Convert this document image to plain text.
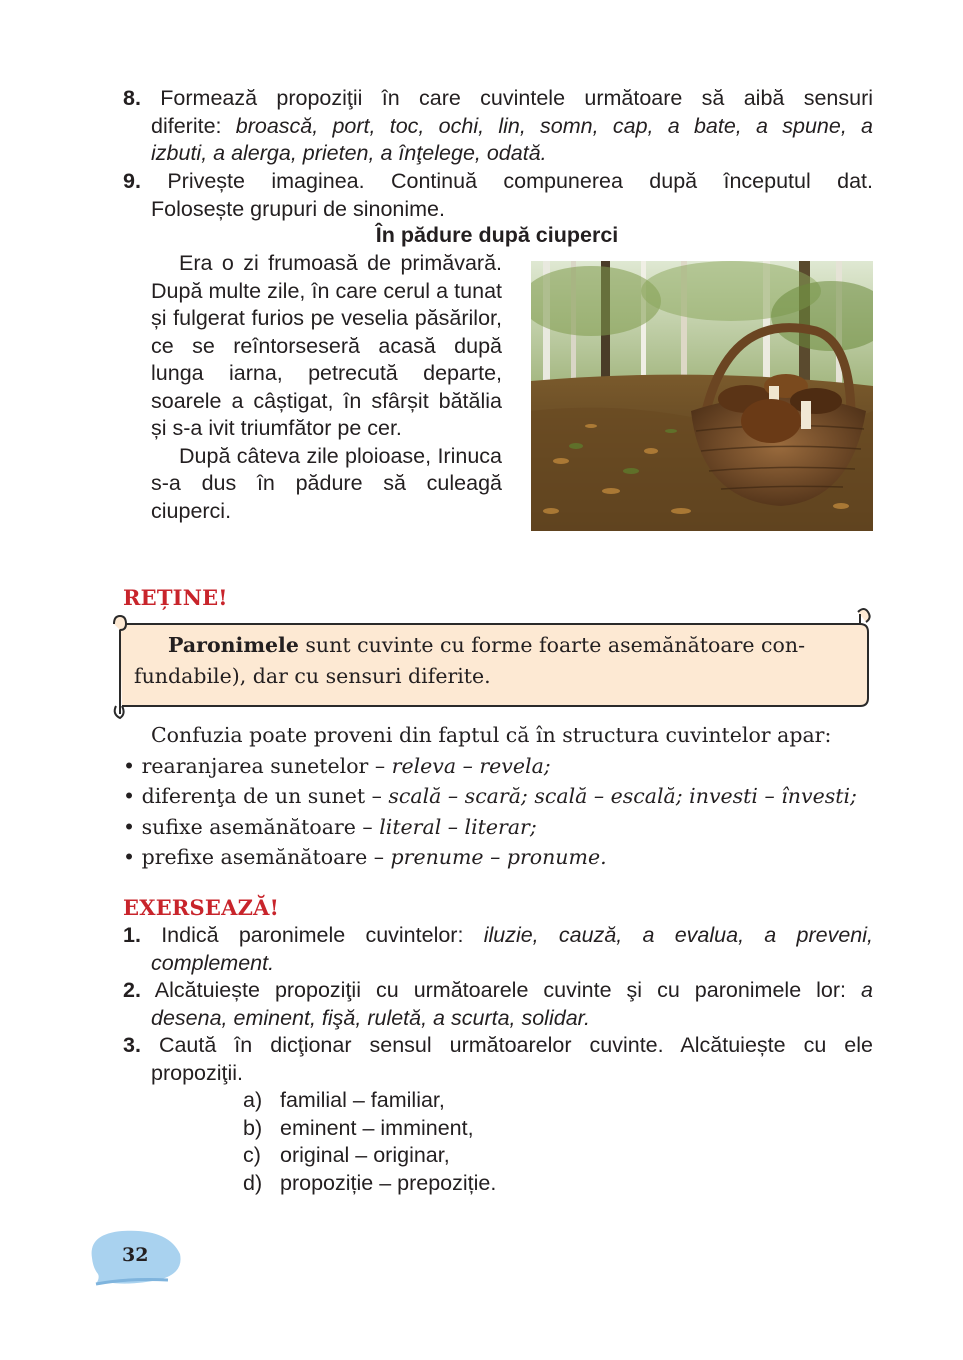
8. Formează propoziţii în care cuvintele următoare să aibă sensuri
diferite: broască, port, toc, ochi, lin, somn, cap, a bate, a spune, a
izbuti, a alerga, prieten, a înţelege, odată.
9. Privește imaginea. Continuă compunerea după începutul dat.
Folosește grupuri de sinonime.
În pădure după ciuperci

Era o zi frumoasă de primăvară. După multe zile, în care cerul a tunat și fulgerat furios pe veselia păsărilor, ce se reîntorseseră acasă după lunga iarna, petrecută departe, soarele a câștigat, în sfârșit bătălia și s-a ivit triumfător pe cer.

După câteva zile ploioase, Irinuca s-a dus în pădure să culeagă ciuperci.

REȚINE!
Paronimele sunt cuvinte cu forme foarte asemănătoare con-
fundabile), dar cu sensuri diferite.
Confuzia poate proveni din faptul că în structura cuvintelor apar:
• rearanjarea sunetelor – releva – revela;
• diferenţa de un sunet – scală – scară; scală – escală; investi – învesti;
• sufixe asemănătoare – literal – literar;
• prefixe asemănătoare – prenume – pronume.
EXERSEAZĂ!
1. Indică paronimele cuvintelor: iluzie, cauză, a evalua, a preveni,
complement.
2. Alcătuiește propoziţii cu următoarele cuvinte şi cu paronimele lor: a
desena, eminent, fişă, ruletă, a scurta, solidar.
3. Caută în dicţionar sensul următoarelor cuvinte. Alcătuiește cu ele
propoziţii.
a) familial – familiar,
b) eminent – imminent,
c) original – originar,
d) propoziție – prepoziție.
32
